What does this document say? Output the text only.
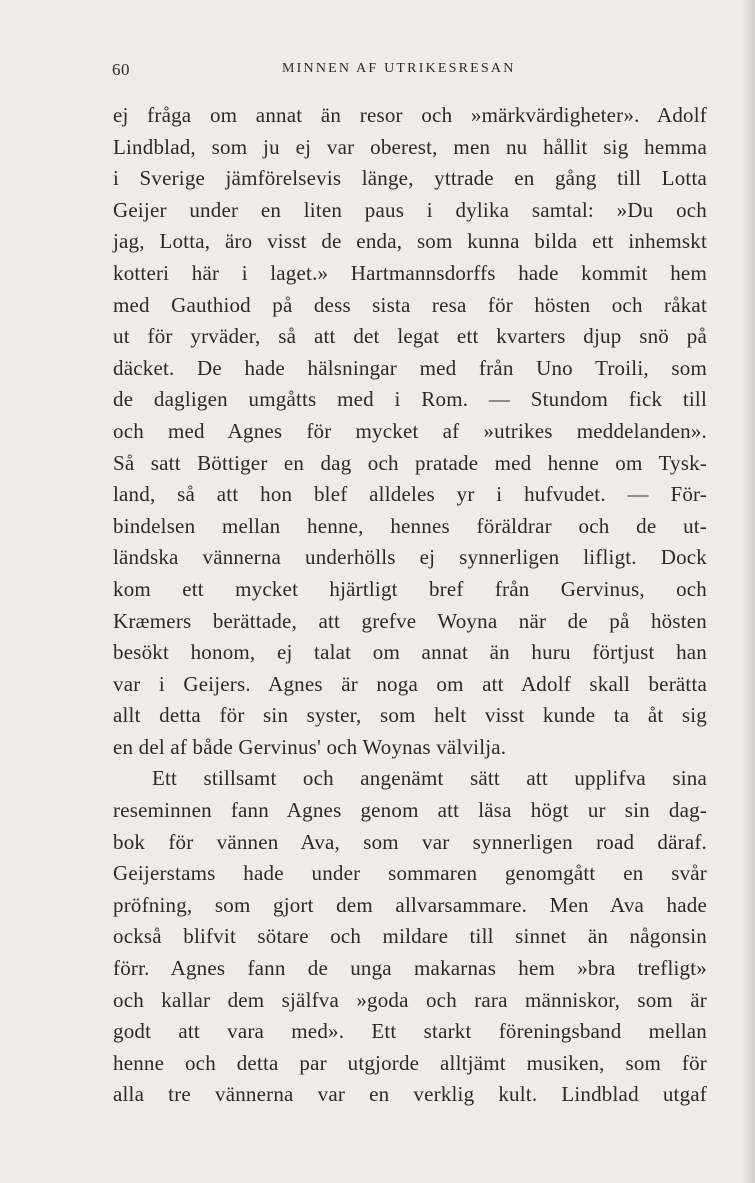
60	MINNEN AF UTRIKESRESAN
ej fråga om annat än resor och »märkvärdigheter». Adolf
Lindblad, som ju ej var oberest, men nu hållit sig hemma
i Sverige jämförelsevis länge, yttrade en gång till Lotta
Geijer under en liten paus i dylika samtal: »Du och
jag, Lotta, äro visst de enda, som kunna bilda ett inhemskt
kotteri här i laget.» Hartmannsdorffs hade kommit hem
med Gauthiod på dess sista resa för hösten och råkat
ut för yrväder, så att det legat ett kvarters djup snö på
däcket. De hade hälsningar med från Uno Troili, som
de dagligen umgåtts med i Rom. — Stundom fick till
och med Agnes för mycket af »utrikes meddelanden».
Så satt Böttiger en dag och pratade med henne om Tysk-
land, så att hon blef alldeles yr i hufvudet. — För-
bindelsen mellan henne, hennes föräldrar och de ut-
ländska vännerna underhölls ej synnerligen lifligt. Dock
kom ett mycket hjärtligt bref från Gervinus, och
Kræmers berättade, att grefve Woyna när de på hösten
besökt honom, ej talat om annat än huru förtjust han
var i Geijers. Agnes är noga om att Adolf skall berätta
allt detta för sin syster, som helt visst kunde ta åt sig
en del af både Gervinus' och Woynas välvilja.
Ett stillsamt och angenämt sätt att upplifva sina
reseminnen fann Agnes genom att läsa högt ur sin dag-
bok för vännen Ava, som var synnerligen road däraf.
Geijerstams hade under sommaren genomgått en svår
pröfning, som gjort dem allvarsammare. Men Ava hade
också blifvit sötare och mildare till sinnet än någonsin
förr. Agnes fann de unga makarnas hem »bra trefligt»
och kallar dem själfva »goda och rara människor, som är
godt att vara med». Ett starkt föreningsband mellan
henne och detta par utgjorde alltjämt musiken, som för
alla tre vännerna var en verklig kult. Lindblad utgaf
